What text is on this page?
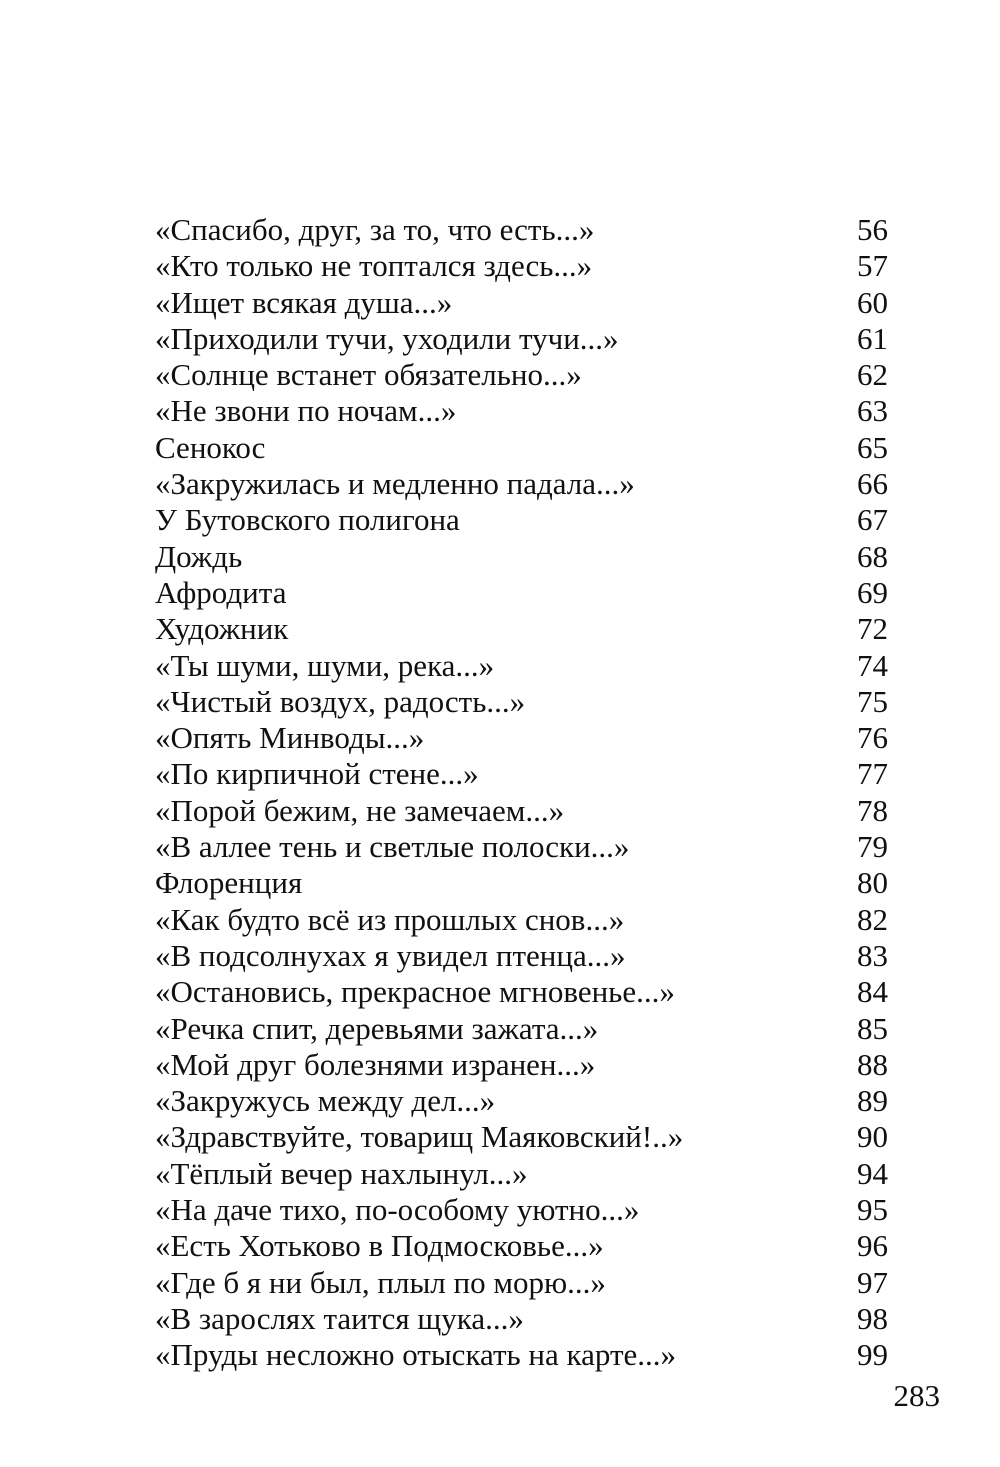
«Спасибо, друг, за то, что есть...»	56
«Кто только не топтался здесь...»	57
«Ищет всякая душа...»	60
«Приходили тучи, уходили тучи...»	61
«Солнце встанет обязательно...»	62
«Не звони по ночам...»	63
Сенокос	65
«Закружилась и медленно падала...»	66
У Бутовского полигона	67
Дождь	68
Афродита	69
Художник	72
«Ты шуми, шуми, река...»	74
«Чистый воздух, радость...»	75
«Опять Минводы...»	76
«По кирпичной стене...»	77
«Порой бежим, не замечаем...»	78
«В аллее тень и светлые полоски...»	79
Флоренция	80
«Как будто всё из прошлых снов...»	82
«В подсолнухах я увидел птенца...»	83
«Остановись, прекрасное мгновенье...»	84
«Речка спит, деревьями зажата...»	85
«Мой друг болезнями изранен...»	88
«Закружусь между дел...»	89
«Здравствуйте, товарищ Маяковский!..»	90
«Тёплый вечер нахлынул...»	94
«На даче тихо, по-особому уютно...»	95
«Есть Хотьково в Подмосковье...»	96
«Где б я ни был, плыл по морю...»	97
«В зарослях таится щука...»	98
«Пруды несложно отыскать на карте...»	99
283
